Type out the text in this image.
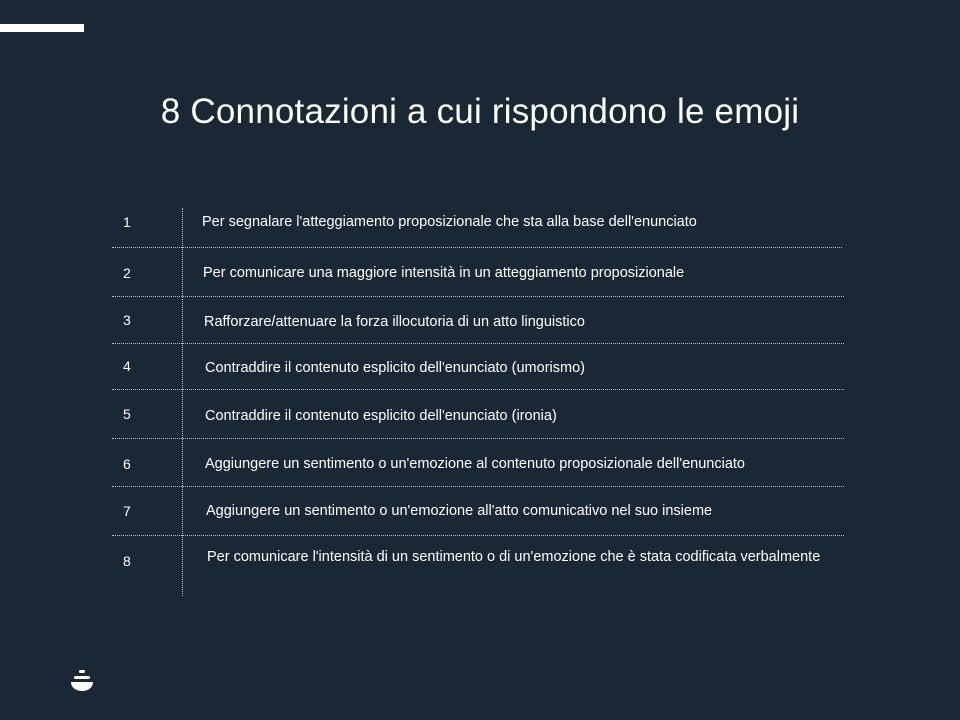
8 Connotazioni a cui rispondono le emoji
1	Per segnalare l'atteggiamento proposizionale che sta alla base dell'enunciato
2	Per comunicare una maggiore intensità in un atteggiamento proposizionale
3	Rafforzare/attenuare la forza illocutoria di un atto linguistico
4	Contraddire il contenuto esplicito dell'enunciato (umorismo)
5	Contraddire il contenuto esplicito dell'enunciato (ironia)
6	Aggiungere un sentimento o un'emozione al contenuto proposizionale dell'enunciato
7	Aggiungere un sentimento o un'emozione all'atto comunicativo nel suo insieme
8	Per comunicare l'intensità di un sentimento o di un'emozione che è stata codificata verbalmente
